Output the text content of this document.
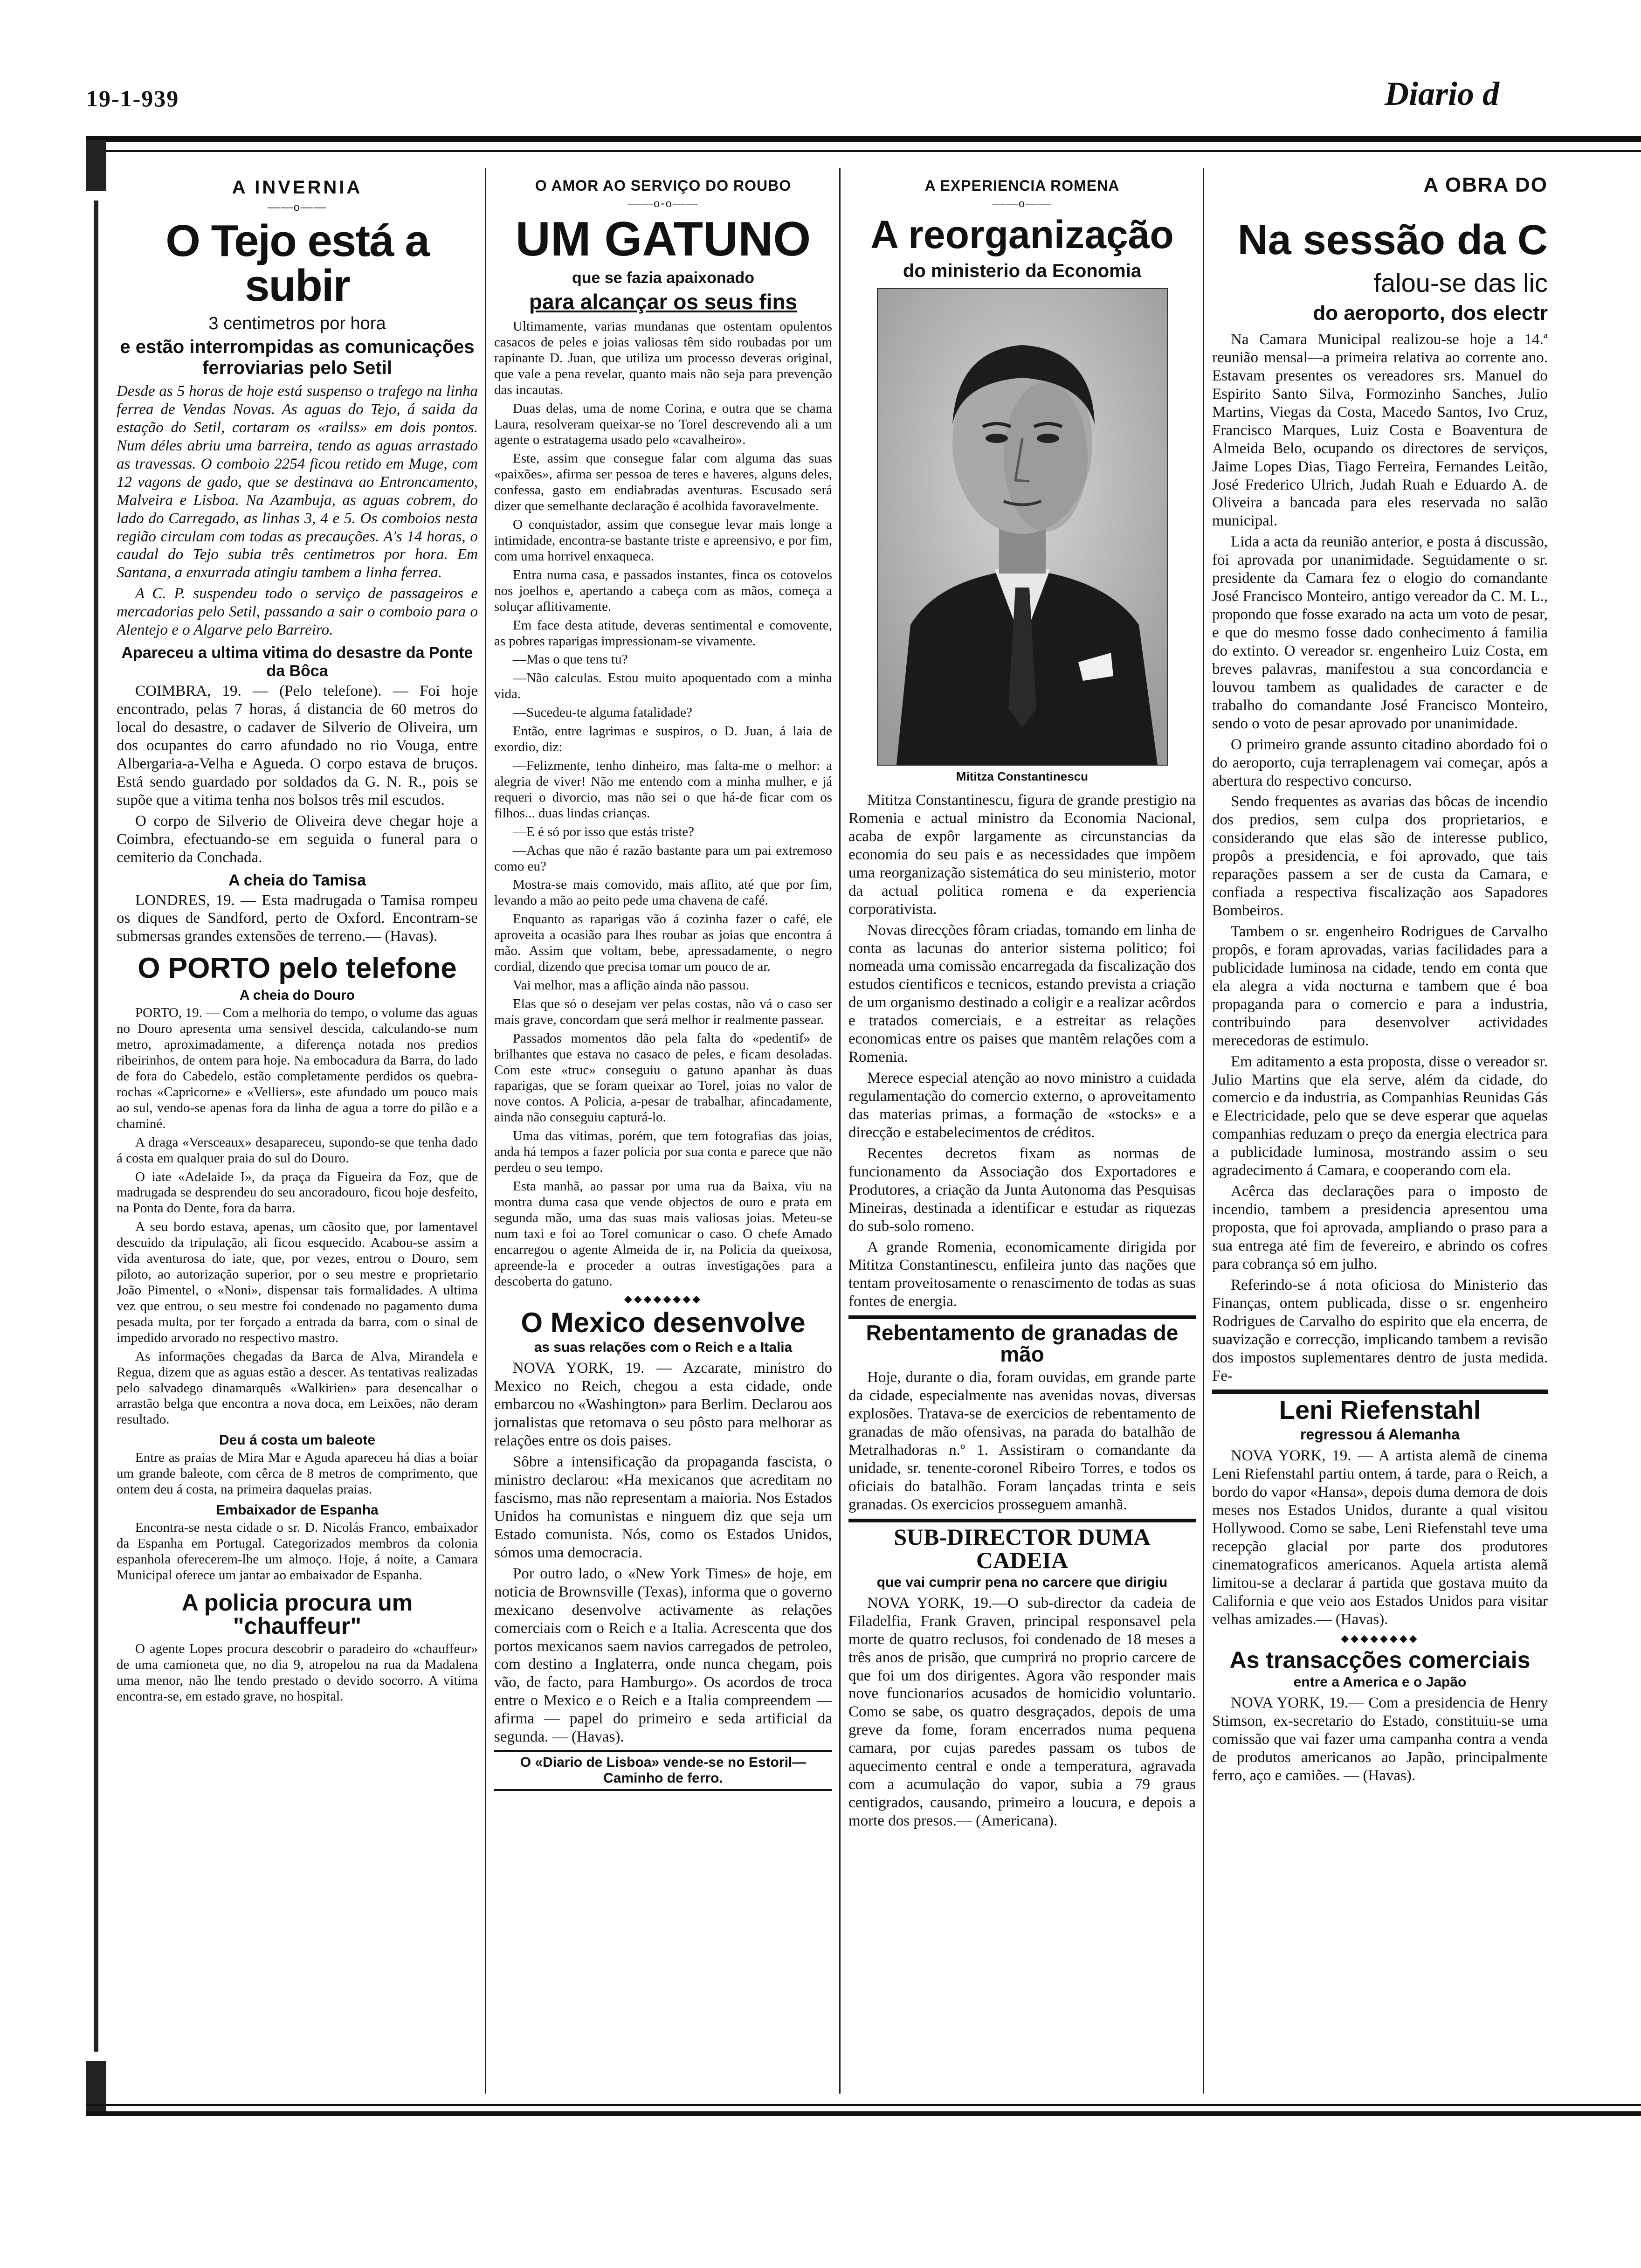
19-1-939	Diario d
A INVERNIA
——o——
O Tejo está a subir
3 centimetros por hora
e estão interrompidas as comunicações ferroviarias pelo Setil

Desde as 5 horas de hoje está suspenso o trafego na linha ferrea de Vendas Novas. As aguas do Tejo, á saida da estação do Setil, cortaram os «railss» em dois pontos. Num déles abriu uma barreira, tendo as aguas arrastado as travessas. O comboio 2254 ficou retido em Muge, com 12 vagons de gado, que se destinava ao Entroncamento, Malveira e Lisboa. Na Azambuja, as aguas cobrem, do lado do Carregado, as linhas 3, 4 e 5. Os comboios nesta região circulam com todas as precauções. A's 14 horas, o caudal do Tejo subia três centimetros por hora. Em Santana, a enxurrada atingiu tambem a linha ferrea.

A C. P. suspendeu todo o serviço de passageiros e mercadorias pelo Setil, passando a sair o comboio para o Alentejo e o Algarve pelo Barreiro.

Apareceu a ultima vitima do desastre da Ponte da Bôca

COIMBRA, 19. — (Pelo telefone). — Foi hoje encontrado, pelas 7 horas, á distancia de 60 metros do local do desastre, o cadaver de Silverio de Oliveira, um dos ocupantes do carro afundado no rio Vouga, entre Albergaria-a-Velha e Agueda. O corpo estava de bruços. Está sendo guardado por soldados da G. N. R., pois se supõe que a vitima tenha nos bolsos três mil escudos.

O corpo de Silverio de Oliveira deve chegar hoje a Coimbra, efectuando-se em seguida o funeral para o cemiterio da Conchada.

A cheia do Tamisa

LONDRES, 19. — Esta madrugada o Tamisa rompeu os diques de Sandford, perto de Oxford. Encontram-se submersas grandes extensões de terreno.— (Havas).

O PORTO pelo telefone
A cheia do Douro

PORTO, 19. — Com a melhoria do tempo, o volume das aguas no Douro apresenta uma sensivel descida, calculando-se num metro, aproximadamente, a diferença notada nos predios ribeirinhos, de ontem para hoje. Na embocadura da Barra, do lado de fora do Cabedelo, estão completamente perdidos os quebra-rochas «Capricorne» e «Velliers», este afundado um pouco mais ao sul, vendo-se apenas fora da linha de agua a torre do pilão e a chaminé.

A draga «Versceaux» desapareceu, supondo-se que tenha dado á costa em qualquer praia do sul do Douro.

O iate «Adelaide I», da praça da Figueira da Foz, que de madrugada se desprendeu do seu ancoradouro, ficou hoje desfeito, na Ponta do Dente, fora da barra.

A seu bordo estava, apenas, um cãosito que, por lamentavel descuido da tripulação, ali ficou esquecido. Acabou-se assim a vida aventurosa do iate, que, por vezes, entrou o Douro, sem piloto, ao autorização superior, por o seu mestre e proprietario João Pimentel, o «Noni», dispensar tais formalidades. A ultima vez que entrou, o seu mestre foi condenado no pagamento duma pesada multa, por ter forçado a entrada da barra, com o sinal de impedido arvorado no respectivo mastro.

As informações chegadas da Barca de Alva, Mirandela e Regua, dizem que as aguas estão a descer. As tentativas realizadas pelo salvadego dinamarquês «Walkirien» para desencalhar o arrastão belga que encontra a nova doca, em Leixões, não deram resultado.

Deu á costa um baleote

Entre as praias de Mira Mar e Aguda apareceu há dias a boiar um grande baleote, com cêrca de 8 metros de comprimento, que ontem deu á costa, na primeira daquelas praias.

Embaixador de Espanha

Encontra-se nesta cidade o sr. D. Nicolás Franco, embaixador da Espanha em Portugal. Categorizados membros da colonia espanhola oferecerem-lhe um almoço. Hoje, á noite, a Camara Municipal oferece um jantar ao embaixador de Espanha.

A policia procura um "chauffeur"

O agente Lopes procura descobrir o paradeiro do «chauffeur» de uma camioneta que, no dia 9, atropelou na rua da Madalena uma menor, não lhe tendo prestado o devido socorro. A vitima encontra-se, em estado grave, no hospital.

O AMOR AO SERVIÇO DO ROUBO
——o-o——
UM GATUNO
que se fazia apaixonado
para alcançar os seus fins

Ultimamente, varias mundanas que ostentam opulentos casacos de peles e joias valiosas têm sido roubadas por um rapinante D. Juan, que utiliza um processo deveras original, que vale a pena revelar, quanto mais não seja para prevenção das incautas.

Duas delas, uma de nome Corina, e outra que se chama Laura, resolveram queixar-se no Torel descrevendo ali a um agente o estratagema usado pelo «cavalheiro».

Este, assim que consegue falar com alguma das suas «paixões», afirma ser pessoa de teres e haveres, alguns deles, confessa, gasto em endiabradas aventuras. Escusado será dizer que semelhante declaração é acolhida favoravelmente.

O conquistador, assim que consegue levar mais longe a intimidade, encontra-se bastante triste e apreensivo, e por fim, com uma horrivel enxaqueca.

Entra numa casa, e passados instantes, finca os cotovelos nos joelhos e, apertando a cabeça com as mãos, começa a soluçar aflitivamente.

Em face desta atitude, deveras sentimental e comovente, as pobres raparigas impressionam-se vivamente.

—Mas o que tens tu?

—Não calculas. Estou muito apoquentado com a minha vida.

—Sucedeu-te alguma fatalidade?

Então, entre lagrimas e suspiros, o D. Juan, á laia de exordio, diz:

—Felizmente, tenho dinheiro, mas falta-me o melhor: a alegria de viver! Não me entendo com a minha mulher, e já requeri o divorcio, mas não sei o que há-de ficar com os filhos... duas lindas crianças.

—E é só por isso que estás triste?

—Achas que não é razão bastante para um pai extremoso como eu?

Mostra-se mais comovido, mais aflito, até que por fim, levando a mão ao peito pede uma chavena de café.

Enquanto as raparigas vão á cozinha fazer o café, ele aproveita a ocasião para lhes roubar as joias que encontra á mão. Assim que voltam, bebe, apressadamente, o negro cordial, dizendo que precisa tomar um pouco de ar.

Vai melhor, mas a aflição ainda não passou.

Elas que só o desejam ver pelas costas, não vá o caso ser mais grave, concordam que será melhor ir realmente passear.

Passados momentos dão pela falta do «pedentif» de brilhantes que estava no casaco de peles, e ficam desoladas. Com este «truc» conseguiu o gatuno apanhar às duas raparigas, que se foram queixar ao Torel, joias no valor de nove contos. A Policia, a-pesar de trabalhar, afincadamente, ainda não conseguiu capturá-lo.

Uma das vitimas, porém, que tem fotografias das joias, anda há tempos a fazer policia por sua conta e parece que não perdeu o seu tempo.

Esta manhã, ao passar por uma rua da Baixa, viu na montra duma casa que vende objectos de ouro e prata em segunda mão, uma das suas mais valiosas joias. Meteu-se num taxi e foi ao Torel comunicar o caso. O chefe Amado encarregou o agente Almeida de ir, na Policia da queixosa, apreende-la e proceder a outras investigações para a descoberta do gatuno.

◆◆◆◆◆◆◆◆
O Mexico desenvolve
as suas relações com o Reich e a Italia

NOVA YORK, 19. — Azcarate, ministro do Mexico no Reich, chegou a esta cidade, onde embarcou no «Washington» para Berlim. Declarou aos jornalistas que retomava o seu pôsto para melhorar as relações entre os dois paises.

Sôbre a intensificação da propaganda fascista, o ministro declarou: «Ha mexicanos que acreditam no fascismo, mas não representam a maioria. Nos Estados Unidos ha comunistas e ninguem diz que seja um Estado comunista. Nós, como os Estados Unidos, sómos uma democracia.

Por outro lado, o «New York Times» de hoje, em noticia de Brownsville (Texas), informa que o governo mexicano desenvolve activamente as relações comerciais com o Reich e a Italia. Acrescenta que dos portos mexicanos saem navios carregados de petroleo, com destino a Inglaterra, onde nunca chegam, pois vão, de facto, para Hamburgo». Os acordos de troca entre o Mexico e o Reich e a Italia compreendem — afirma — papel do primeiro e seda artificial da segunda. — (Havas).

O «Diario de Lisboa» vende-se no Estoril—Caminho de ferro.
A EXPERIENCIA ROMENA
——o——
A reorganização
do ministerio da Economia
Mititza Constantinescu

Mititza Constantinescu, figura de grande prestigio na Romenia e actual ministro da Economia Nacional, acaba de expôr largamente as circunstancias da economia do seu pais e as necessidades que impõem uma reorganização sistemática do seu ministerio, motor da actual politica romena e da experiencia corporativista.

Novas direcções fôram criadas, tomando em linha de conta as lacunas do anterior sistema politico; foi nomeada uma comissão encarregada da fiscalização dos estudos cientificos e tecnicos, estando prevista a criação de um organismo destinado a coligir e a realizar acôrdos e tratados comerciais, e a estreitar as relações economicas entre os paises que mantêm relações com a Romenia.

Merece especial atenção ao novo ministro a cuidada regulamentação do comercio externo, o aproveitamento das materias primas, a formação de «stocks» e a direcção e estabelecimentos de créditos.

Recentes decretos fixam as normas de funcionamento da Associação dos Exportadores e Produtores, a criação da Junta Autonoma das Pesquisas Mineiras, destinada a identificar e estudar as riquezas do sub-solo romeno.

A grande Romenia, economicamente dirigida por Mititza Constantinescu, enfileira junto das nações que tentam proveitosamente o renascimento de todas as suas fontes de energia.

Rebentamento de granadas de mão

Hoje, durante o dia, foram ouvidas, em grande parte da cidade, especialmente nas avenidas novas, diversas explosões. Tratava-se de exercicios de rebentamento de granadas de mão ofensivas, na parada do batalhão de Metralhadoras n.º 1. Assistiram o comandante da unidade, sr. tenente-coronel Ribeiro Torres, e todos os oficiais do batalhão. Foram lançadas trinta e seis granadas. Os exercicios prosseguem amanhã.

SUB-DIRECTOR DUMA CADEIA
que vai cumprir pena no carcere que dirigiu

NOVA YORK, 19.—O sub-director da cadeia de Filadelfia, Frank Graven, principal responsavel pela morte de quatro reclusos, foi condenado de 18 meses a três anos de prisão, que cumprirá no proprio carcere de que foi um dos dirigentes. Agora vão responder mais nove funcionarios acusados de homicidio voluntario. Como se sabe, os quatro desgraçados, depois de uma greve da fome, foram encerrados numa pequena camara, por cujas paredes passam os tubos de aquecimento central e onde a temperatura, agravada com a acumulação do vapor, subia a 79 graus centigrados, causando, primeiro a loucura, e depois a morte dos presos.— (Americana).

A OBRA DO
Na sessão da C
falou-se das lic
do aeroporto, dos electr

Na Camara Municipal realizou-se hoje a 14.ª reunião mensal—a primeira relativa ao corrente ano. Estavam presentes os vereadores srs. Manuel do Espirito Santo Silva, Formozinho Sanches, Julio Martins, Viegas da Costa, Macedo Santos, Ivo Cruz, Francisco Marques, Luiz Costa e Boaventura de Almeida Belo, ocupando os directores de serviços, Jaime Lopes Dias, Tiago Ferreira, Fernandes Leitão, José Frederico Ulrich, Judah Ruah e Eduardo A. de Oliveira a bancada para eles reservada no salão municipal.

Lida a acta da reunião anterior, e posta á discussão, foi aprovada por unanimidade. Seguidamente o sr. presidente da Camara fez o elogio do comandante José Francisco Monteiro, antigo vereador da C. M. L., propondo que fosse exarado na acta um voto de pesar, e que do mesmo fosse dado conhecimento á familia do extinto. O vereador sr. engenheiro Luiz Costa, em breves palavras, manifestou a sua concordancia e louvou tambem as qualidades de caracter e de trabalho do comandante José Francisco Monteiro, sendo o voto de pesar aprovado por unanimidade.

O primeiro grande assunto citadino abordado foi o do aeroporto, cuja terraplenagem vai começar, após a abertura do respectivo concurso.

Sendo frequentes as avarias das bôcas de incendio dos predios, sem culpa dos proprietarios, e considerando que elas são de interesse publico, propôs a presidencia, e foi aprovado, que tais reparações passem a ser de custa da Camara, e confiada a respectiva fiscalização aos Sapadores Bombeiros.

Tambem o sr. engenheiro Rodrigues de Carvalho propôs, e foram aprovadas, varias facilidades para a publicidade luminosa na cidade, tendo em conta que ela alegra a vida nocturna e tambem que é boa propaganda para o comercio e para a industria, contribuindo para desenvolver actividades merecedoras de estimulo.

Em aditamento a esta proposta, disse o vereador sr. Julio Martins que ela serve, além da cidade, do comercio e da industria, as Companhias Reunidas Gás e Electricidade, pelo que se deve esperar que aquelas companhias reduzam o preço da energia electrica para a publicidade luminosa, mostrando assim o seu agradecimento á Camara, e cooperando com ela.

Acêrca das declarações para o imposto de incendio, tambem a presidencia apresentou uma proposta, que foi aprovada, ampliando o praso para a sua entrega até fim de fevereiro, e abrindo os cofres para cobrança só em julho.

Referindo-se á nota oficiosa do Ministerio das Finanças, ontem publicada, disse o sr. engenheiro Rodrigues de Carvalho do espirito que ela encerra, de suavização e correcção, implicando tambem a revisão dos impostos suplementares dentro de justa medida. Fe-

Leni Riefenstahl
regressou á Alemanha

NOVA YORK, 19. — A artista alemã de cinema Leni Riefenstahl partiu ontem, á tarde, para o Reich, a bordo do vapor «Hansa», depois duma demora de dois meses nos Estados Unidos, durante a qual visitou Hollywood. Como se sabe, Leni Riefenstahl teve uma recepção glacial por parte dos produtores cinematograficos americanos. Aquela artista alemã limitou-se a declarar á partida que gostava muito da California e que veio aos Estados Unidos para visitar velhas amizades.— (Havas).

◆◆◆◆◆◆◆◆
As transacções comerciais
entre a America e o Japão

NOVA YORK, 19.— Com a presidencia de Henry Stimson, ex-secretario do Estado, constituiu-se uma comissão que vai fazer uma campanha contra a venda de produtos americanos ao Japão, principalmente ferro, aço e camiões. — (Havas).
